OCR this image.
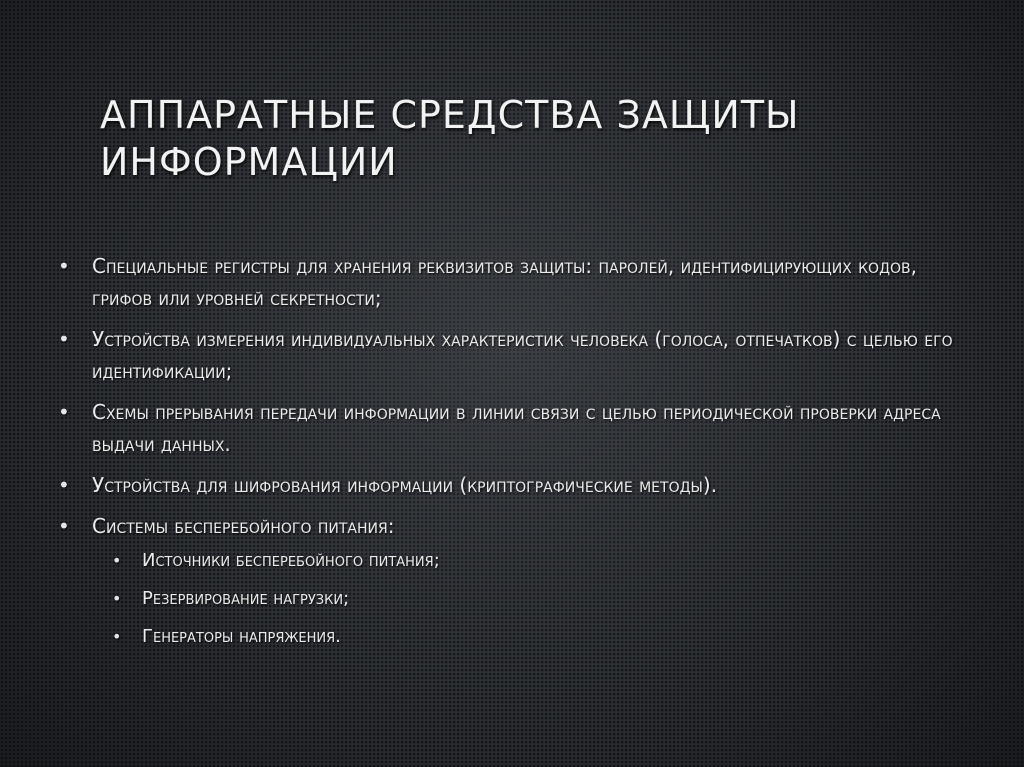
АППАРАТНЫЕ СРЕДСТВА ЗАЩИТЫ ИНФОРМАЦИИ
•	Специальные регистры для хранения реквизитов защиты: паролей, идентифицирующих кодов, грифов или уровней секретности;
•	Устройства измерения индивидуальных характеристик человека (голоса, отпечатков) с целью его идентификации;
•	Схемы прерывания передачи информации в линии связи с целью периодической проверки адреса выдачи данных.
•	Устройства для шифрования информации (криптографические методы).
•	Системы бесперебойного питания:
•	Источники бесперебойного питания;
•	Резервирование нагрузки;
•	Генераторы напряжения.
